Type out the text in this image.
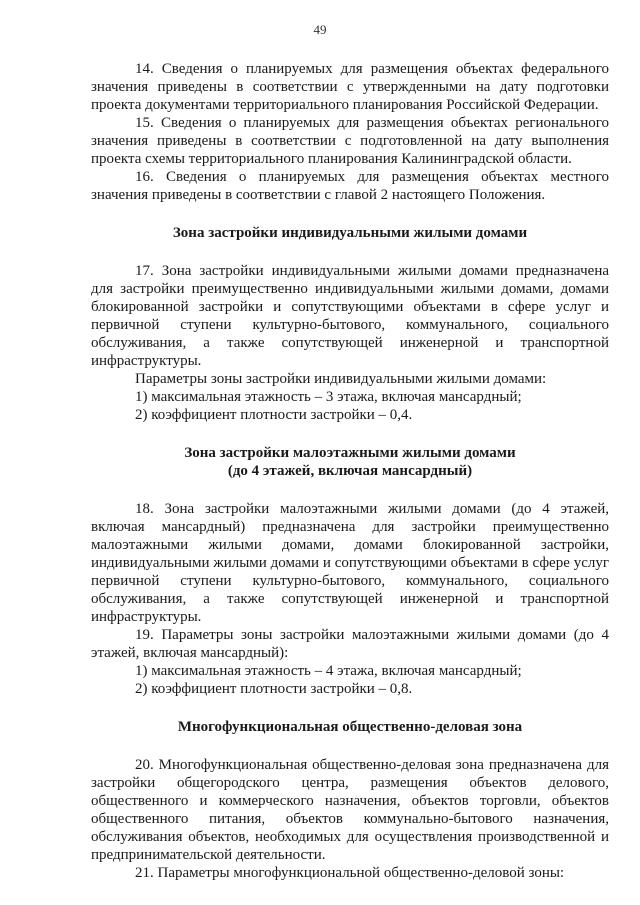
49

14. Сведения о планируемых для размещения объектах федерального значения приведены в соответствии с утвержденными на дату подготовки проекта документами территориального планирования Российской Федерации.

15. Сведения о планируемых для размещения объектах регионального значения приведены в соответствии с подготовленной на дату выполнения проекта схемы территориального планирования Калининградской области.

16. Сведения о планируемых для размещения объектах местного значения приведены в соответствии с главой 2 настоящего Положения.

Зона застройки индивидуальными жилыми домами

17. Зона застройки индивидуальными жилыми домами предназначена для застройки преимущественно индивидуальными жилыми домами, домами блокированной застройки и сопутствующими объектами в сфере услуг и первичной ступени культурно-бытового, коммунального, социального обслуживания, а также сопутствующей инженерной и транспортной инфраструктуры.

Параметры зоны застройки индивидуальными жилыми домами:

1) максимальная этажность – 3 этажа, включая мансардный;

2) коэффициент плотности застройки – 0,4.

Зона застройки малоэтажными жилыми домами

(до 4 этажей, включая мансардный)

18. Зона застройки малоэтажными жилыми домами (до 4 этажей, включая мансардный) предназначена для застройки преимущественно малоэтажными жилыми домами, домами блокированной застройки, индивидуальными жилыми домами и сопутствующими объектами в сфере услуг первичной ступени культурно-бытового, коммунального, социального обслуживания, а также сопутствующей инженерной и транспортной инфраструктуры.

19. Параметры зоны застройки малоэтажными жилыми домами (до 4 этажей, включая мансардный):

1) максимальная этажность – 4 этажа, включая мансардный;

2) коэффициент плотности застройки – 0,8.

Многофункциональная общественно-деловая зона

20. Многофункциональная общественно-деловая зона предназначена для застройки общегородского центра, размещения объектов делового, общественного и коммерческого назначения, объектов торговли, объектов общественного питания, объектов коммунально-бытового назначения, обслуживания объектов, необходимых для осуществления производственной и предпринимательской деятельности.

21. Параметры многофункциональной общественно-деловой зоны:
